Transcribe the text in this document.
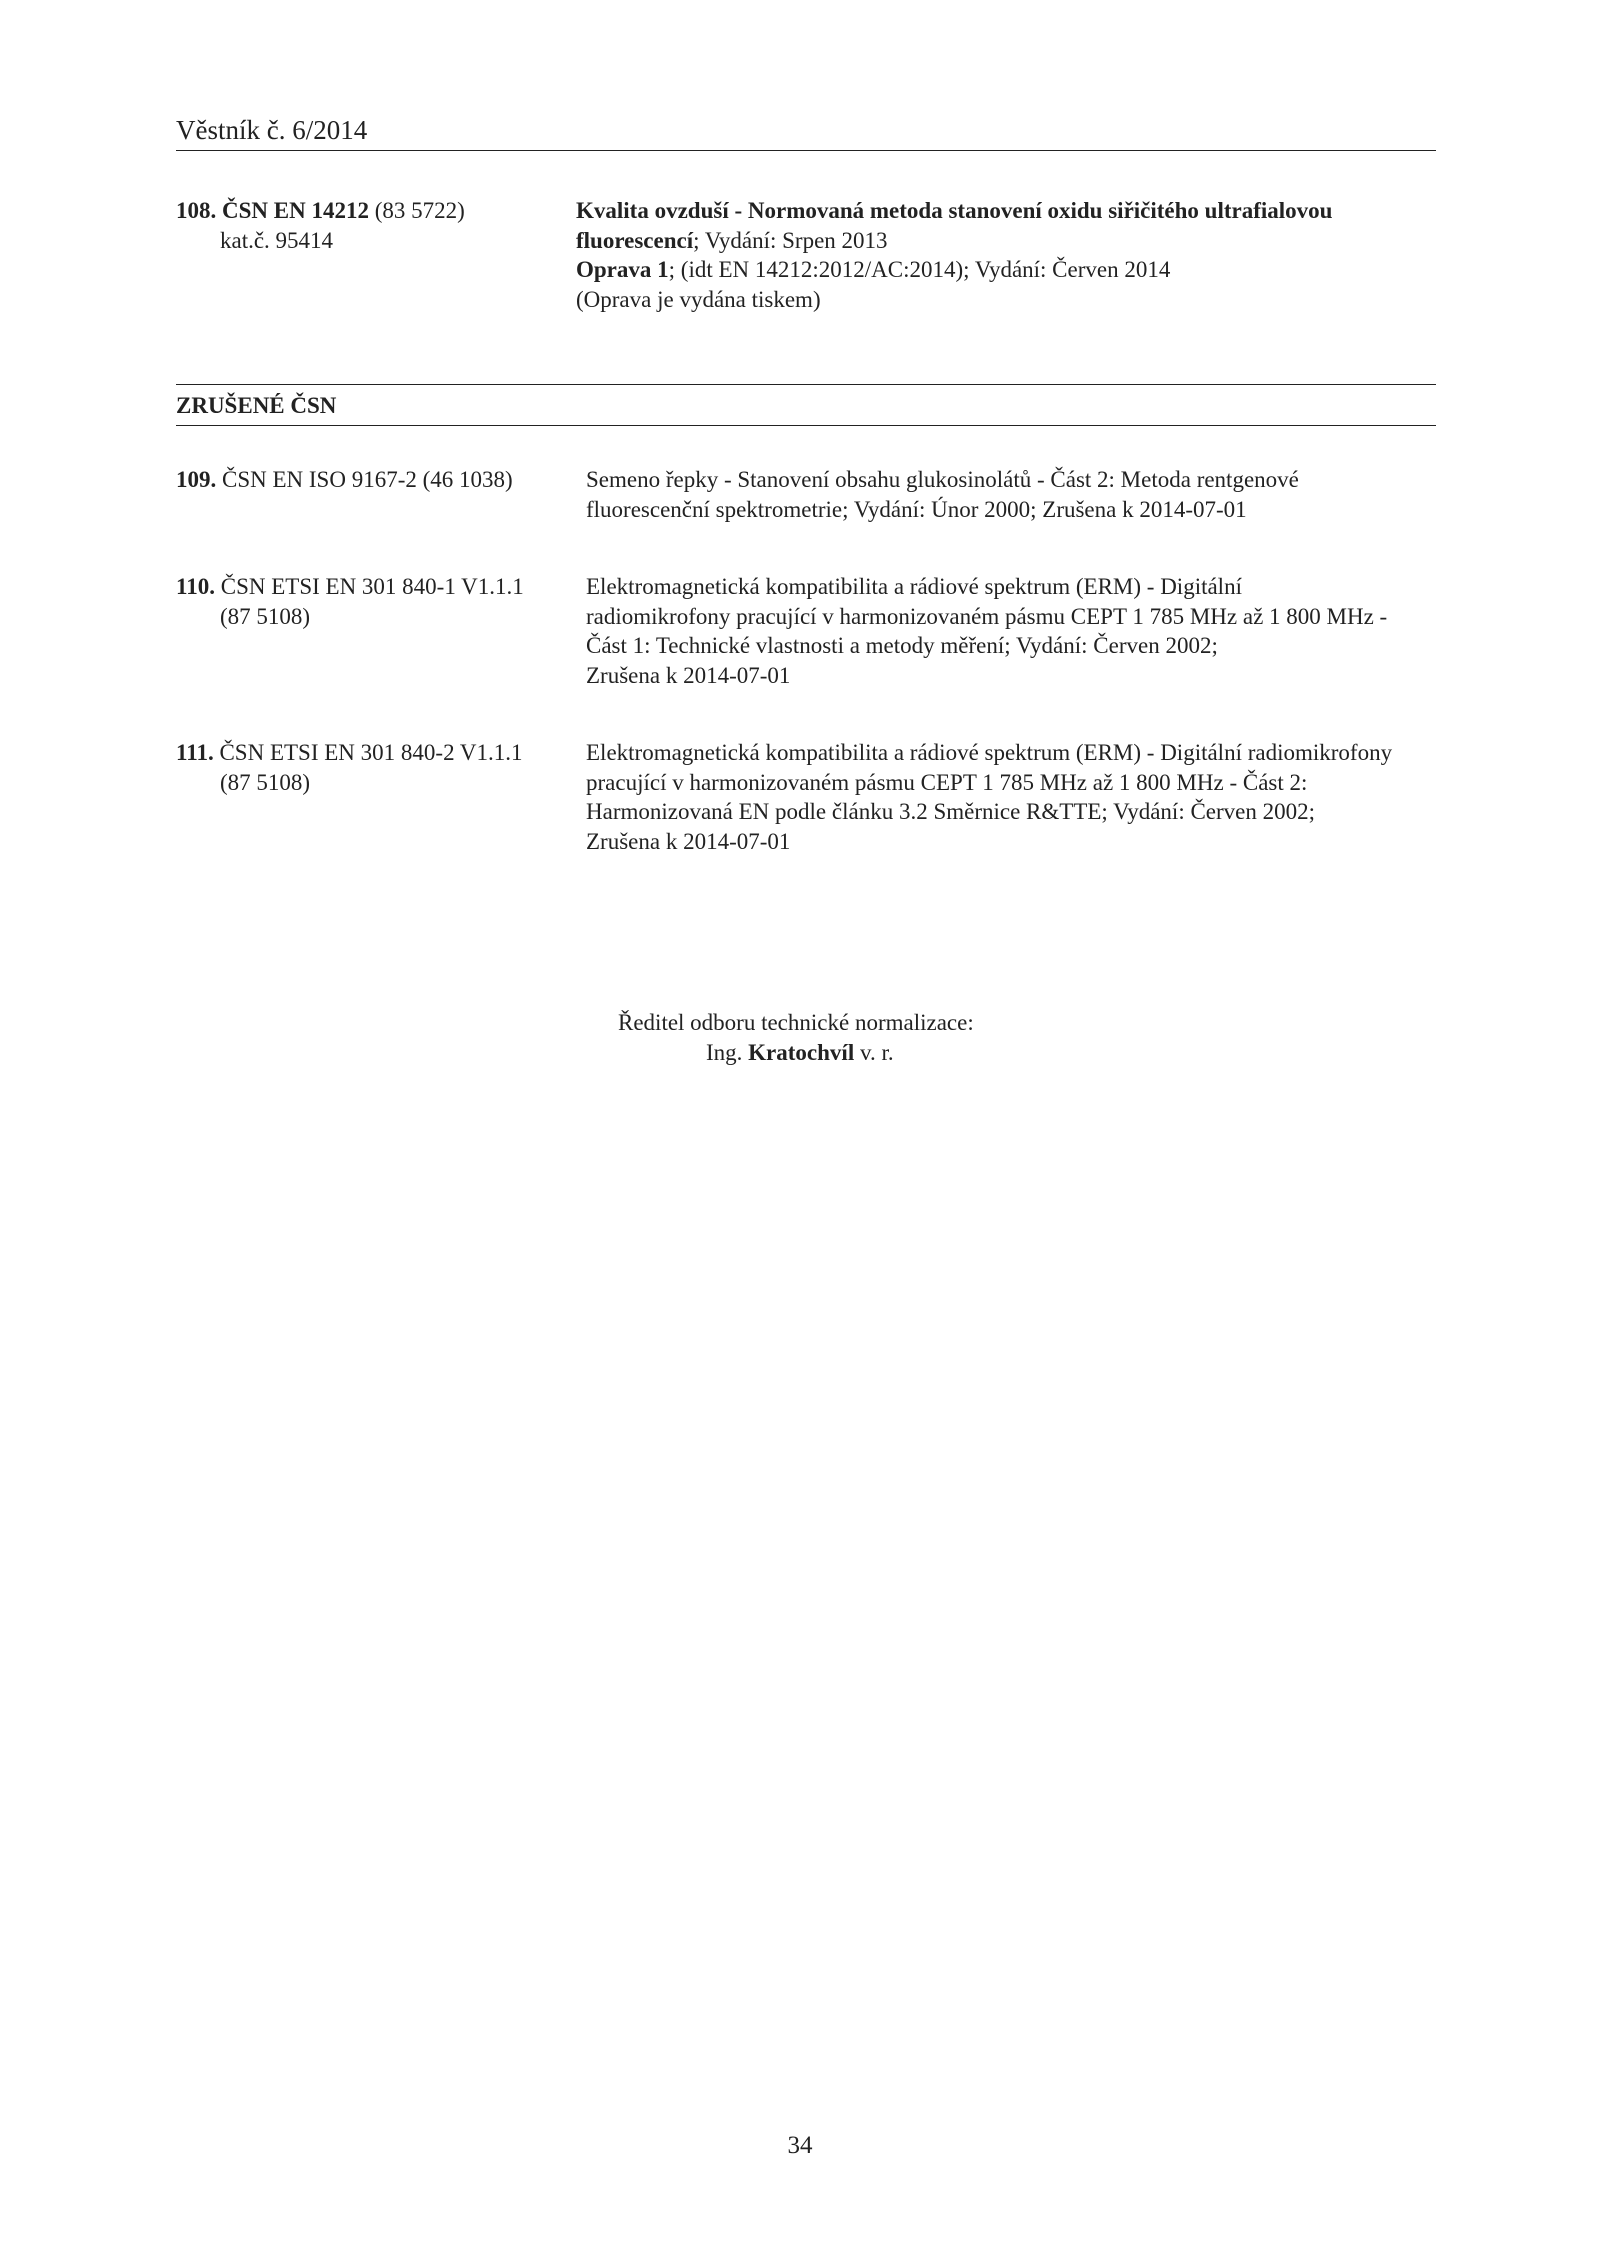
Věstník č. 6/2014
108. ČSN EN 14212 (83 5722)
kat.č. 95414
Kvalita ovzduší - Normovaná metoda stanovení oxidu siřičitého ultrafialovou
fluorescencí; Vydání: Srpen 2013
Oprava 1; (idt EN 14212:2012/AC:2014); Vydání: Červen 2014
(Oprava je vydána tiskem)
ZRUŠENÉ ČSN
109. ČSN EN ISO 9167-2 (46 1038)	Semeno řepky - Stanovení obsahu glukosinolátů - Část 2: Metoda rentgenové
fluorescenční spektrometrie; Vydání: Únor 2000; Zrušena k 2014-07-01
110. ČSN ETSI EN 301 840-1 V1.1.1
(87 5108)
Elektromagnetická kompatibilita a rádiové spektrum (ERM) - Digitální
radiomikrofony pracující v harmonizovaném pásmu CEPT 1 785 MHz až 1 800 MHz -
Část 1: Technické vlastnosti a metody měření; Vydání: Červen 2002;
Zrušena k 2014-07-01
111. ČSN ETSI EN 301 840-2 V1.1.1
(87 5108)
Elektromagnetická kompatibilita a rádiové spektrum (ERM) - Digitální radiomikrofony
pracující v harmonizovaném pásmu CEPT 1 785 MHz až 1 800 MHz - Část 2:
Harmonizovaná EN podle článku 3.2 Směrnice R&TTE; Vydání: Červen 2002;
Zrušena k 2014-07-01
Ředitel odboru technické normalizace:
Ing. Kratochvíl v. r.
34
